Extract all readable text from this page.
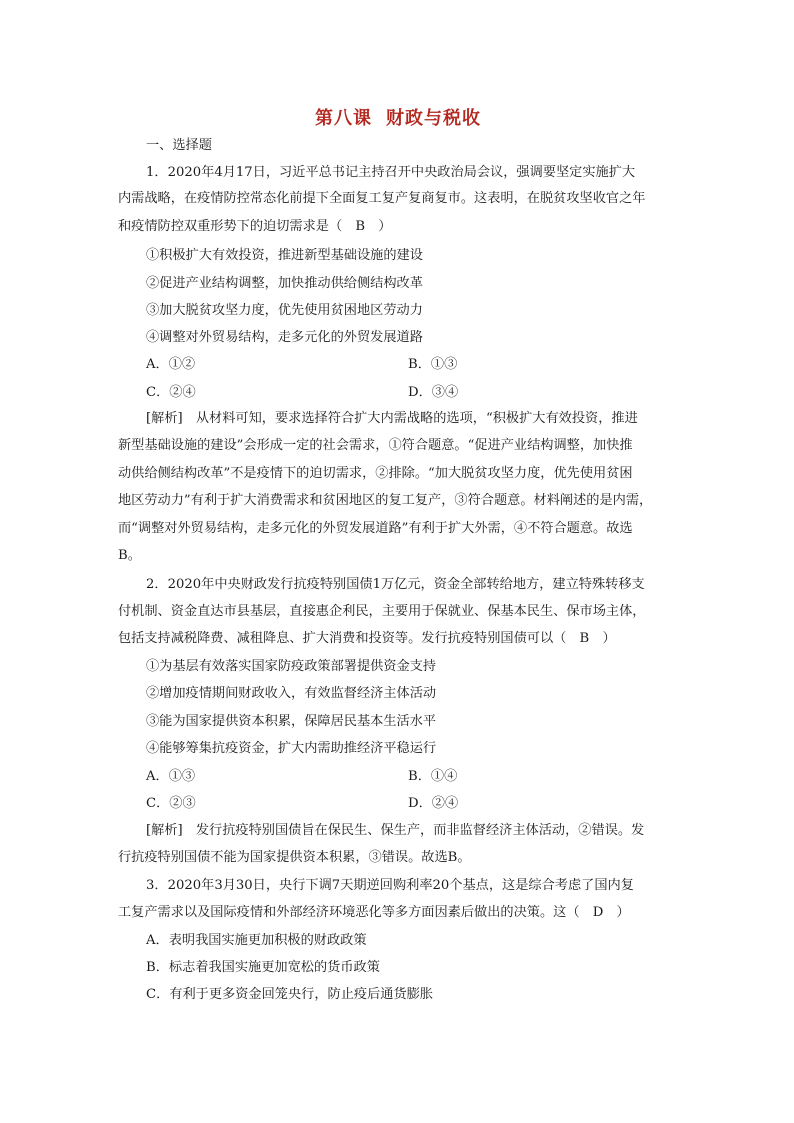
第八课 财政与税收
一、选择题
1．2020年4月17日，习近平总书记主持召开中央政治局会议，强调要坚定实施扩大
内需战略，在疫情防控常态化前提下全面复工复产复商复市。这表明，在脱贫攻坚收官之年
和疫情防控双重形势下的迫切需求是（　B　）
①积极扩大有效投资，推进新型基础设施的建设
②促进产业结构调整，加快推动供给侧结构改革
③加大脱贫攻坚力度，优先使用贫困地区劳动力
④调整对外贸易结构，走多元化的外贸发展道路
A．①②	B．①③
C．②④	D．③④
[解析]　从材料可知，要求选择符合扩大内需战略的选项，“积极扩大有效投资，推进
新型基础设施的建设”会形成一定的社会需求，①符合题意。“促进产业结构调整，加快推
动供给侧结构改革”不是疫情下的迫切需求，②排除。“加大脱贫攻坚力度，优先使用贫困
地区劳动力”有利于扩大消费需求和贫困地区的复工复产，③符合题意。材料阐述的是内需，
而“调整对外贸易结构，走多元化的外贸发展道路”有利于扩大外需，④不符合题意。故选
B。
2．2020年中央财政发行抗疫特别国债1万亿元，资金全部转给地方，建立特殊转移支
付机制、资金直达市县基层，直接惠企利民，主要用于保就业、保基本民生、保市场主体，
包括支持减税降费、减租降息、扩大消费和投资等。发行抗疫特别国债可以（　B　）
①为基层有效落实国家防疫政策部署提供资金支持
②增加疫情期间财政收入，有效监督经济主体活动
③能为国家提供资本积累，保障居民基本生活水平
④能够筹集抗疫资金，扩大内需助推经济平稳运行
A．①③	B．①④
C．②③	D．②④
[解析]　发行抗疫特别国债旨在保民生、保生产，而非监督经济主体活动，②错误。发
行抗疫特别国债不能为国家提供资本积累，③错误。故选B。
3．2020年3月30日，央行下调7天期逆回购利率20个基点，这是综合考虑了国内复
工复产需求以及国际疫情和外部经济环境恶化等多方面因素后做出的决策。这（　D　）
A．表明我国实施更加积极的财政政策
B．标志着我国实施更加宽松的货币政策
C．有利于更多资金回笼央行，防止疫后通货膨胀
